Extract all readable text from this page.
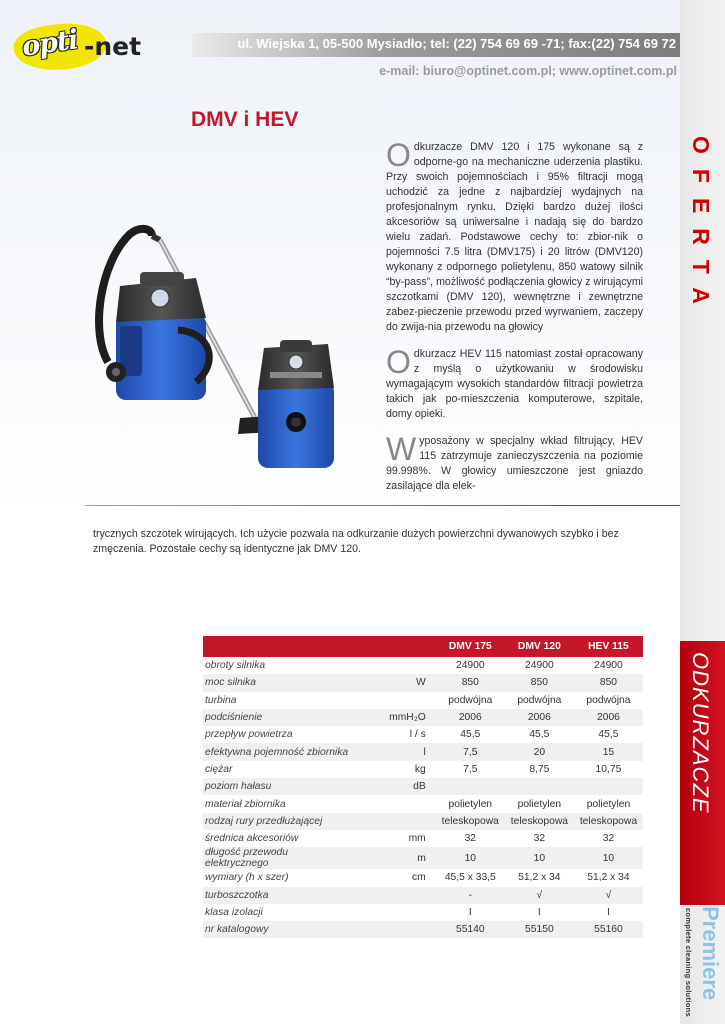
opti -net	ul. Wiejska 1, 05-500 Mysiadło; tel: (22) 754 69 69 -71; fax:(22) 754 69 72
e-mail: biuro@optinet.com.pl; www.optinet.com.pl
DMV i HEV

Odkurzacze DMV 120 i 175 wykonane są z odporne-go na mechaniczne uderzenia plastiku. Przy swoich pojemnościach i 95% filtracji mogą uchodzić za jedne z najbardziej wydajnych na profesjonalnym rynku. Dzięki bardzo dużej ilości akcesoriów są uniwersalne i nadają się do bardzo wielu zadań. Podstawowe cechy to: zbior-nik o pojemności 7.5 litra (DMV175) i 20 litrów (DMV120) wykonany z odpornego polietylenu, 850 watowy silnik “by-pass”, możliwość podłączenia głowicy z wirującymi szczotkami (DMV 120), wewnętrzne i zewnętrzne zabez-pieczenie przewodu przed wyrwaniem, zaczepy do zwija-nia przewodu na głowicy

Odkurzacz HEV 115 natomiast został opracowany z myślą o użytkowaniu w środowisku wymagającym wysokich standardów filtracji powietrza takich jak po-mieszczenia komputerowe, szpitale, domy opieki.

Wyposażony w specjalny wkład filtrujący, HEV 115 zatrzymuje zanieczyszczenia na poziomie 99.998%. W głowicy umieszczone jest gniazdo zasilające dla elek-

trycznych szczotek wirujących. Ich użycie pozwala na odkurzanie dużych powierzchni dywanowych szybko i bez zmęczenia. Pozostałe cechy są identyczne jak DMV 120.

		DMV 175	DMV 120	HEV 115
obroty silnika		24900	24900	24900
moc silnika	W	850	850	850
turbina		podwójna	podwójna	podwójna
podciśnienie	mmH₂O	2006	2006	2006
przepływ powietrza	l / s	45,5	45,5	45,5
efektywna pojemność zbiornika	l	7,5	20	15
ciężar	kg	7,5	8,75	10,75
poziom hałasu	dB			
materiał zbiornika		polietylen	polietylen	polietylen
rodzaj rury przedłużającej		teleskopowa	teleskopowa	teleskopowa
średnica akcesoriów	mm	32	32	32
długość przewodu elektrycznego	m	10	10	10
wymiary (h x szer)	cm	45,5 x 33,5	51,2 x 34	51,2 x 34
turboszczotka		-	√	√
klasa izolacji		I	I	I
nr katalogowy		55140	55150	55160
OFERTA
ODKURZACZE
Premiere
complete cleaning solutions
